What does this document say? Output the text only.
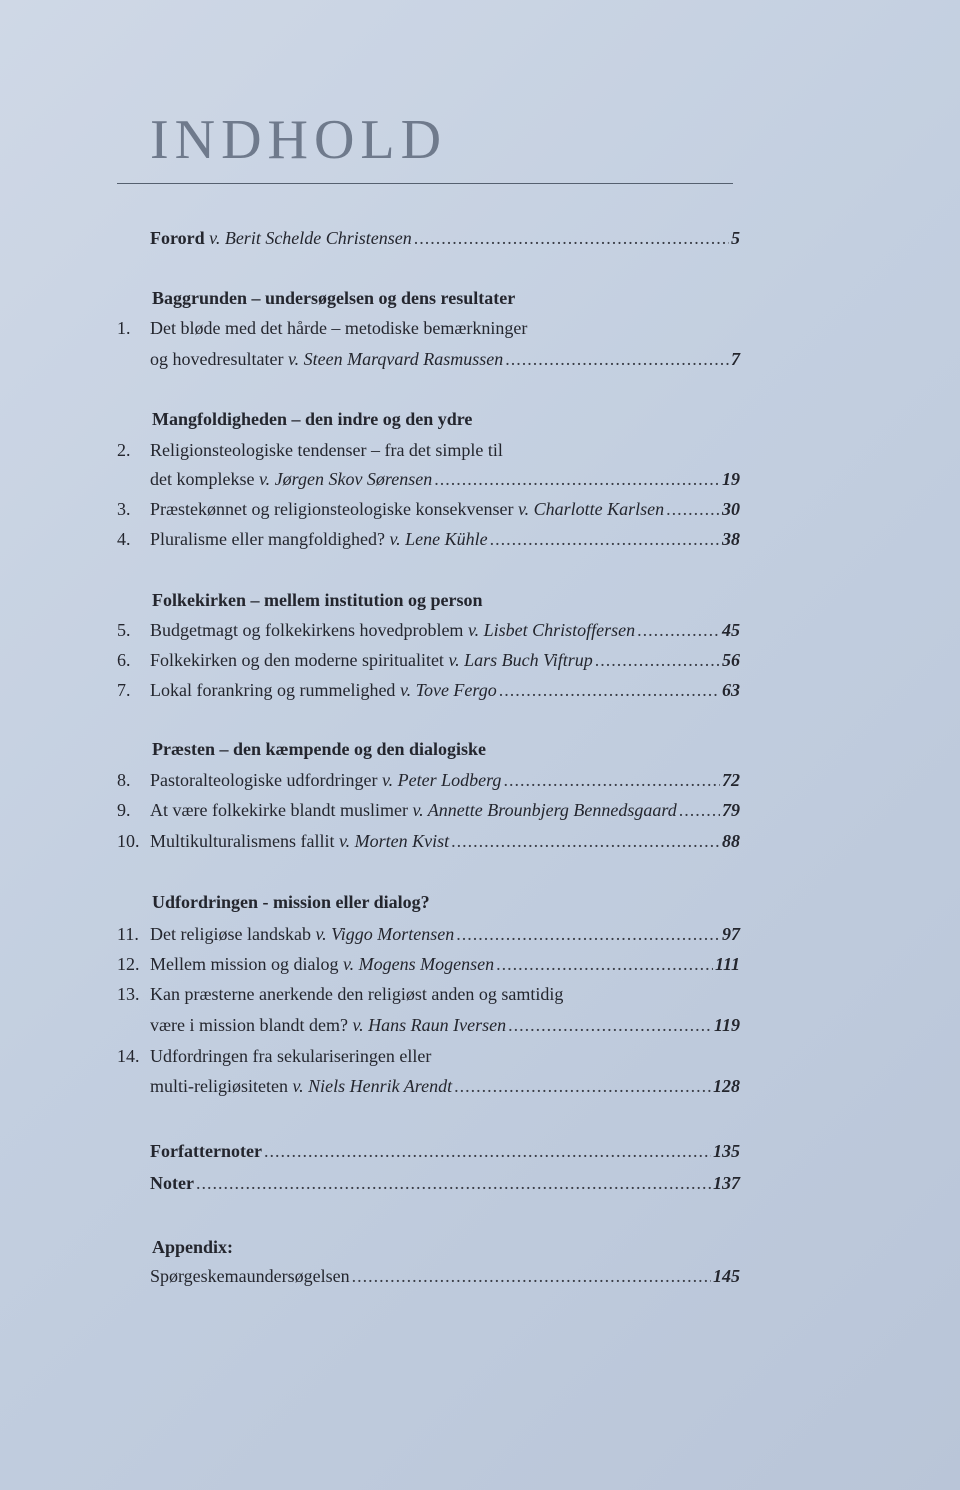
INDHOLD
Forord v. Berit Schelde Christensen .....	5
Baggrunden – undersøgelsen og dens resultater
1. Det bløde med det hårde – metodiske bemærkninger
og hovedresultater v. Steen Marqvard Rasmussen .....	7
Mangfoldigheden – den indre og den ydre
2. Religionsteologiske tendenser – fra det simple til
det komplekse v. Jørgen Skov Sørensen .....	19
3.	Præstekønnet og religionsteologiske konsekvenser v. Charlotte Karlsen .....	30
4.	Pluralisme eller mangfoldighed? v. Lene Kühle .....	38
Folkekirken – mellem institution og person
5.	Budgetmagt og folkekirkens hovedproblem v. Lisbet Christoffersen .....	45
6.	Folkekirken og den moderne spiritualitet v. Lars Buch Viftrup .....	56
7.	Lokal forankring og rummelighed v. Tove Fergo .....	63
Præsten – den kæmpende og den dialogiske
8.	Pastoralteologiske udfordringer v. Peter Lodberg .....	72
9.	At være folkekirke blandt muslimer v. Annette Brounbjerg Bennedsgaard .....	79
10. Multikulturalismens fallit v. Morten Kvist .....	88
Udfordringen - mission eller dialog?
11. Det religiøse landskab v. Viggo Mortensen .....	97
12. Mellem mission og dialog v. Mogens Mogensen .....	111
13. Kan præsterne anerkende den religiøst anden og samtidig
være i mission blandt dem? v. Hans Raun Iversen .....	119
14. Udfordringen fra sekulariseringen eller
multi-religiøsiteten v. Niels Henrik Arendt .....	128
Forfatternoter .....	135
Noter .....	137
Appendix:
Spørgeskemaundersøgelsen .....	145
